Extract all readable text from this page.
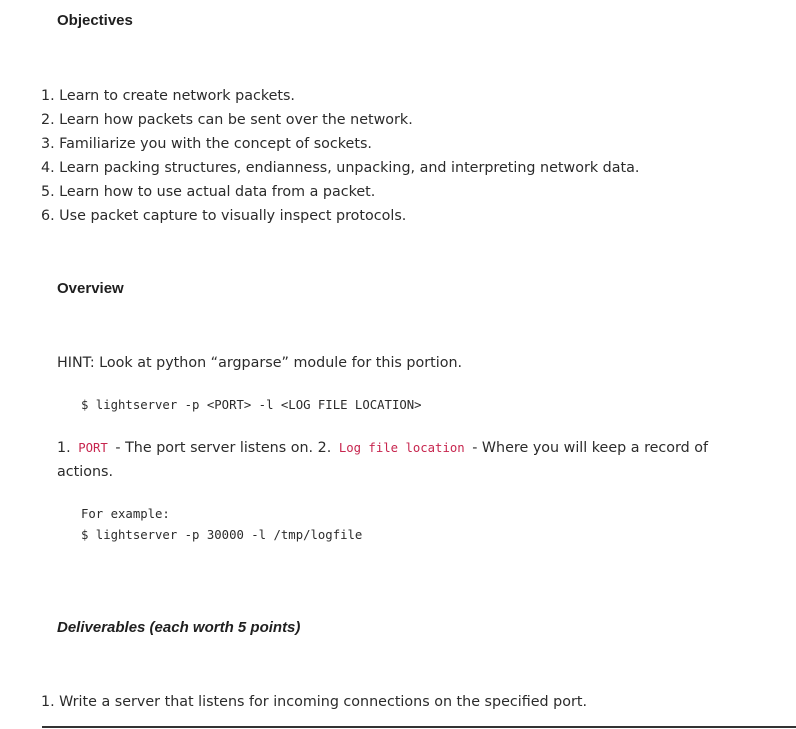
Objectives
1. Learn to create network packets.
2. Learn how packets can be sent over the network.
3. Familiarize you with the concept of sockets.
4. Learn packing structures, endianness, unpacking, and interpreting network data.
5. Learn how to use actual data from a packet.
6. Use packet capture to visually inspect protocols.
Overview
HINT: Look at python “argparse” module for this portion.
$ lightserver -p <PORT> -l <LOG FILE LOCATION>
1. PORT - The port server listens on. 2. Log file location - Where you will keep a record of
actions.
For example:
$ lightserver -p 30000 -l /tmp/logfile
Deliverables (each worth 5 points)
1. Write a server that listens for incoming connections on the specified port.
